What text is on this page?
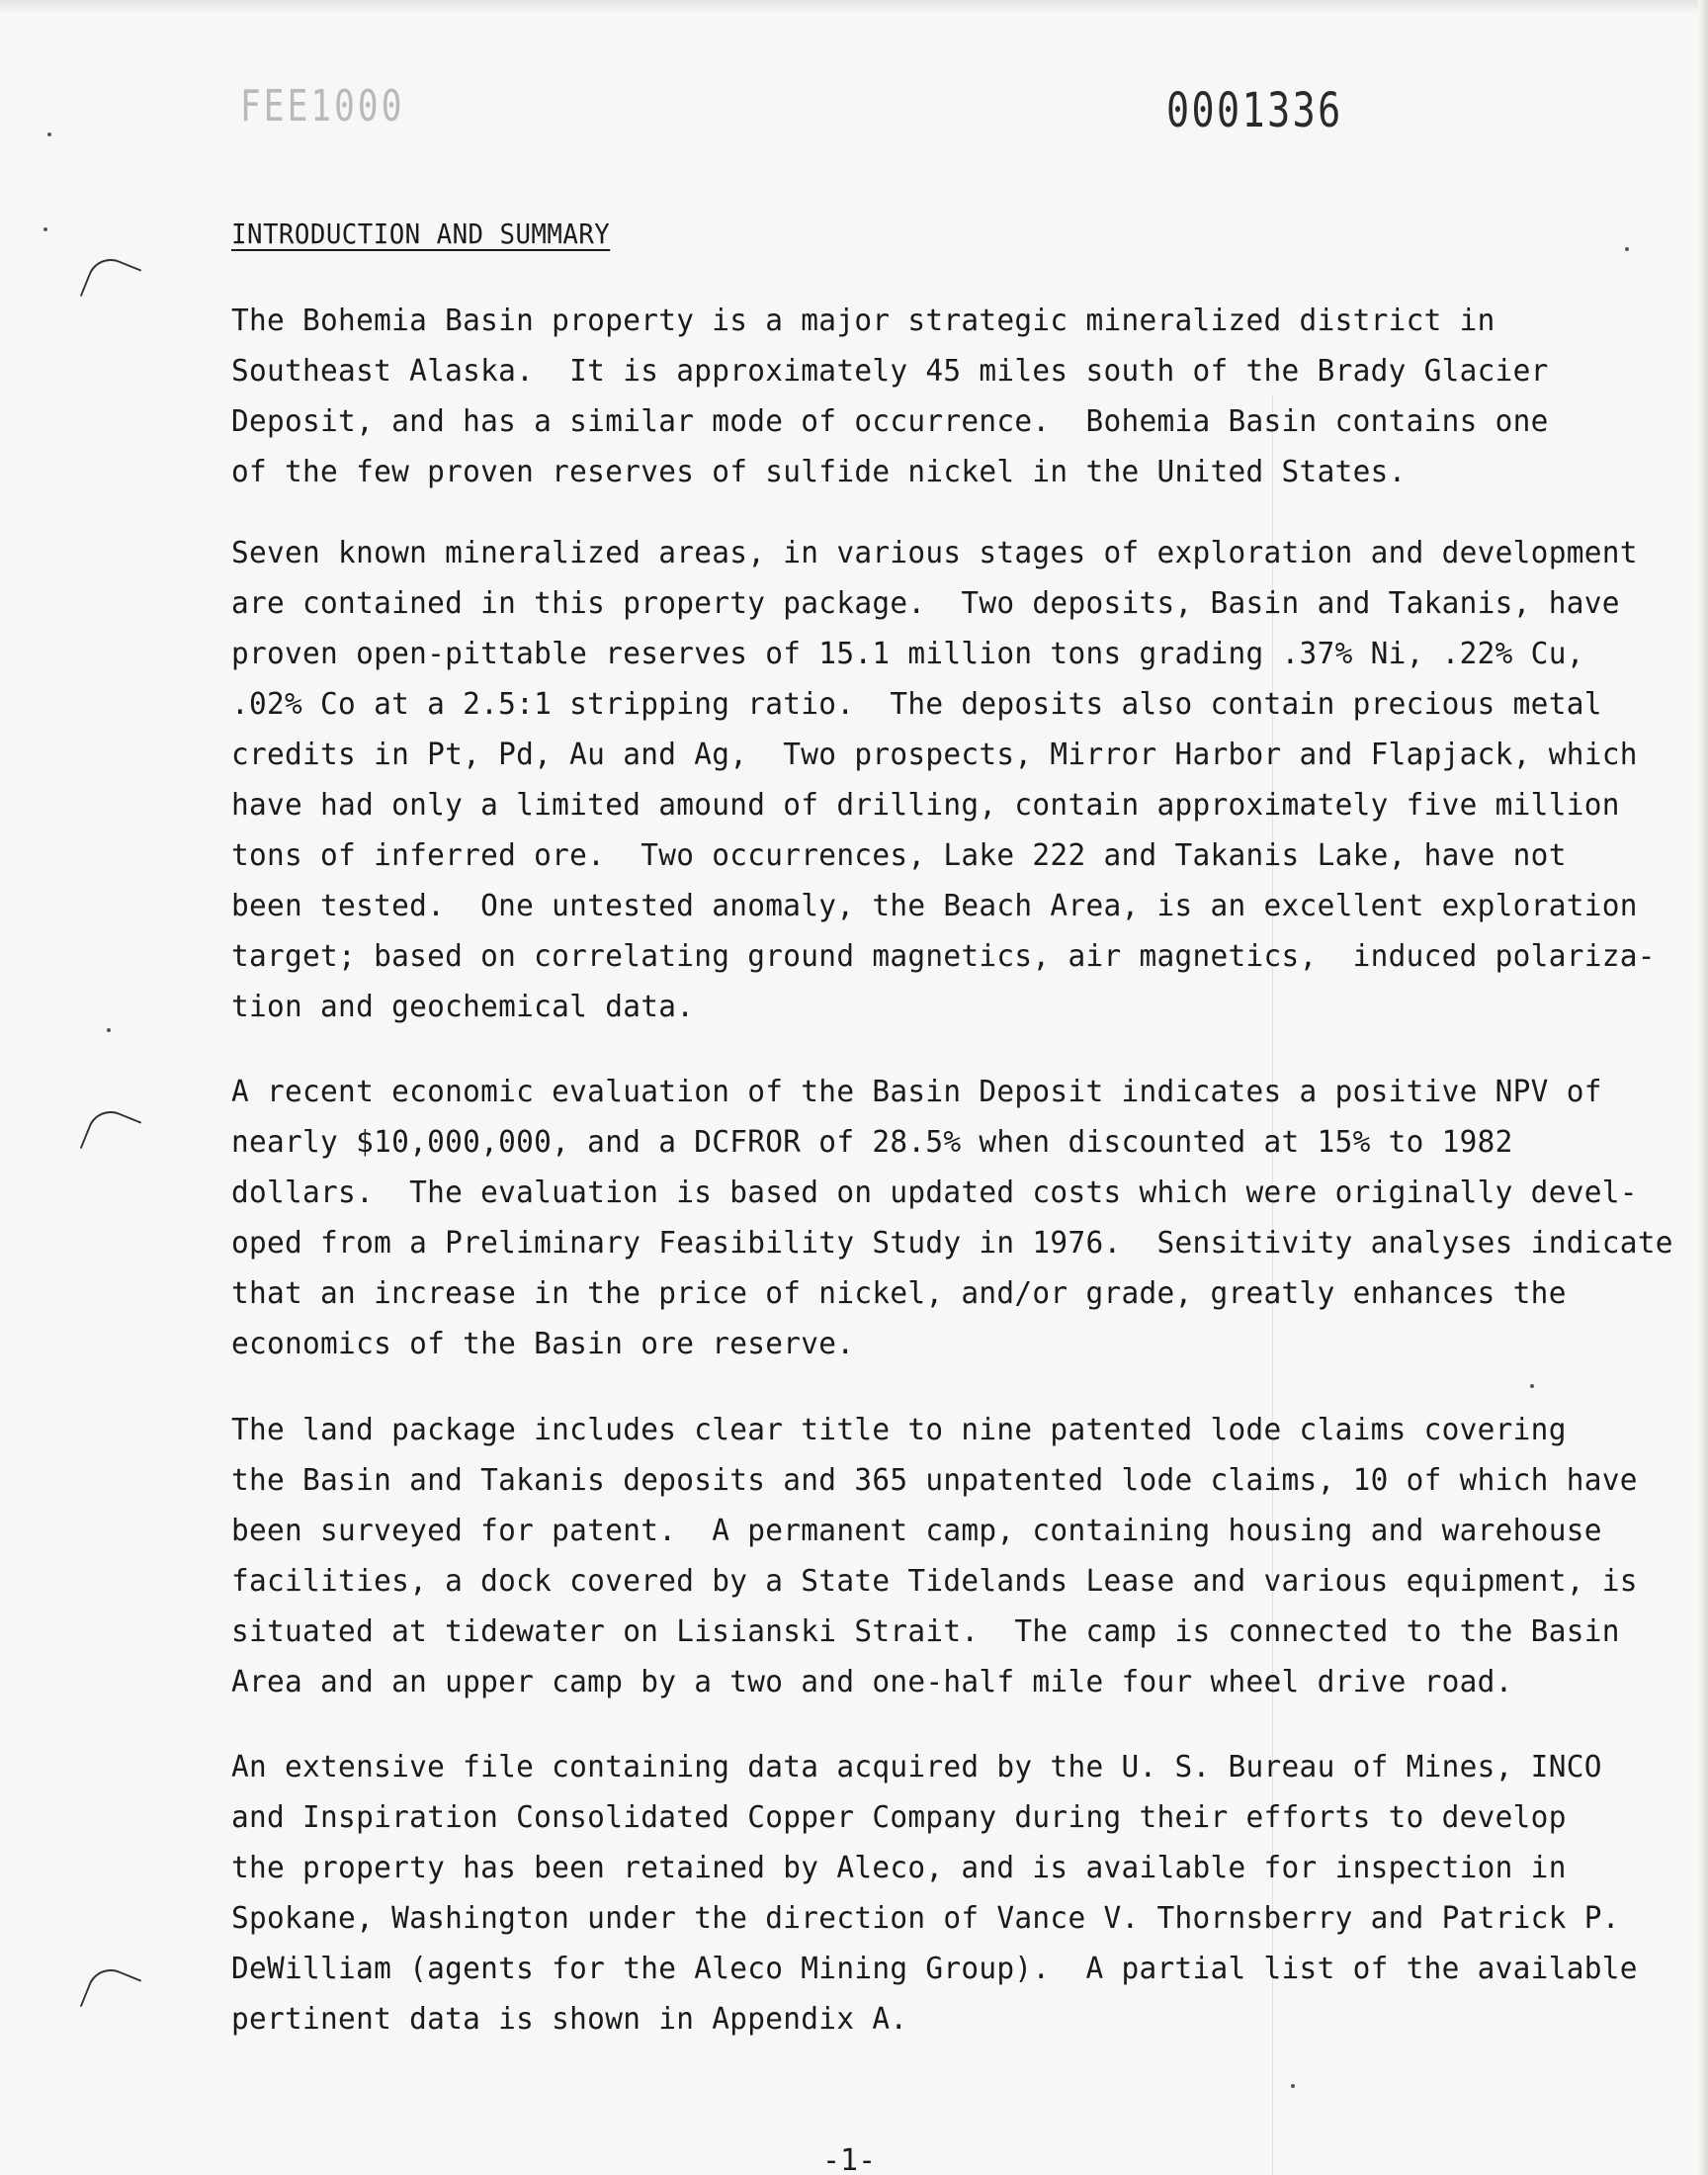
FEE1000	0001336
INTRODUCTION AND SUMMARY
The Bohemia Basin property is a major strategic mineralized district in
Southeast Alaska.  It is approximately 45 miles south of the Brady Glacier
Deposit, and has a similar mode of occurrence.  Bohemia Basin contains one
of the few proven reserves of sulfide nickel in the United States.
Seven known mineralized areas, in various stages of exploration and development
are contained in this property package.  Two deposits, Basin and Takanis, have
proven open-pittable reserves of 15.1 million tons grading .37% Ni, .22% Cu,
.02% Co at a 2.5:1 stripping ratio.  The deposits also contain precious metal
credits in Pt, Pd, Au and Ag,  Two prospects, Mirror Harbor and Flapjack, which
have had only a limited amound of drilling, contain approximately five million
tons of inferred ore.  Two occurrences, Lake 222 and Takanis Lake, have not
been tested.  One untested anomaly, the Beach Area, is an excellent exploration
target; based on correlating ground magnetics, air magnetics,  induced polariza-
tion and geochemical data.
A recent economic evaluation of the Basin Deposit indicates a positive NPV of
nearly $10,000,000, and a DCFROR of 28.5% when discounted at 15% to 1982
dollars.  The evaluation is based on updated costs which were originally devel-
oped from a Preliminary Feasibility Study in 1976.  Sensitivity analyses indicate
that an increase in the price of nickel, and/or grade, greatly enhances the
economics of the Basin ore reserve.
The land package includes clear title to nine patented lode claims covering
the Basin and Takanis deposits and 365 unpatented lode claims, 10 of which have
been surveyed for patent.  A permanent camp, containing housing and warehouse
facilities, a dock covered by a State Tidelands Lease and various equipment, is
situated at tidewater on Lisianski Strait.  The camp is connected to the Basin
Area and an upper camp by a two and one-half mile four wheel drive road.
An extensive file containing data acquired by the U. S. Bureau of Mines, INCO
and Inspiration Consolidated Copper Company during their efforts to develop
the property has been retained by Aleco, and is available for inspection in
Spokane, Washington under the direction of Vance V. Thornsberry and Patrick P.
DeWilliam (agents for the Aleco Mining Group).  A partial list of the available
pertinent data is shown in Appendix A.
-1-
